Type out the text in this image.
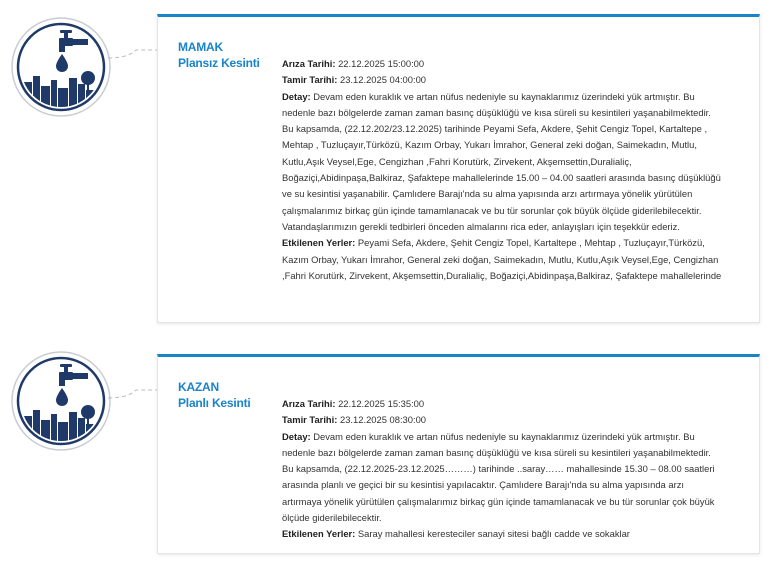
MAMAK
Plansız Kesinti	Arıza Tarihi: 22.12.2025 15:00:00
Tamir Tarihi: 23.12.2025 04:00:00
Detay: Devam eden kuraklık ve artan nüfus nedeniyle su kaynaklarımız üzerindeki yük artmıştır. Bu nedenle bazı bölgelerde zaman zaman basınç düşüklüğü ve kısa süreli su kesintileri yaşanabilmektedir. Bu kapsamda, (22.12.202/23.12.2025) tarihinde Peyami Sefa, Akdere, Şehit Cengiz Topel, Kartaltepe , Mehtap , Tuzluçayır,Türközü, Kazım Orbay, Yukarı İmrahor, General zeki doğan, Saimekadın, Mutlu, Kutlu,Aşık Veysel,Ege, Cengizhan ,Fahri Korutürk, Zirvekent, Akşemsettin,Duralialiç, Boğaziçi,Abidinpaşa,Balkiraz, Şafaktepe mahallelerinde 15.00 – 04.00 saatleri arasında basınç düşüklüğü ve su kesintisi yaşanabilir. Çamlıdere Barajı'nda su alma yapısında arzı artırmaya yönelik yürütülen çalışmalarımız birkaç gün içinde tamamlanacak ve bu tür sorunlar çok büyük ölçüde giderilebilecektir. Vatandaşlarımızın gerekli tedbirleri önceden almalarını rica eder, anlayışları için teşekkür ederiz.
Etkilenen Yerler: Peyami Sefa, Akdere, Şehit Cengiz Topel, Kartaltepe , Mehtap , Tuzluçayır,Türközü, Kazım Orbay, Yukarı İmrahor, General zeki doğan, Saimekadın, Mutlu, Kutlu,Aşık Veysel,Ege, Cengizhan ,Fahri Korutürk, Zirvekent, Akşemsettin,Duralialiç, Boğaziçi,Abidinpaşa,Balkiraz, Şafaktepe mahallelerinde
KAZAN
Planlı Kesinti	Arıza Tarihi: 22.12.2025 15:35:00
Tamir Tarihi: 23.12.2025 08:30:00
Detay: Devam eden kuraklık ve artan nüfus nedeniyle su kaynaklarımız üzerindeki yük artmıştır. Bu nedenle bazı bölgelerde zaman zaman basınç düşüklüğü ve kısa süreli su kesintileri yaşanabilmektedir. Bu kapsamda, (22.12.2025-23.12.2025………) tarihinde ..saray…… mahallesinde 15.30 – 08.00 saatleri arasında planlı ve geçici bir su kesintisi yapılacaktır. Çamlıdere Barajı'nda su alma yapısında arzı artırmaya yönelik yürütülen çalışmalarımız birkaç gün içinde tamamlanacak ve bu tür sorunlar çok büyük ölçüde giderilebilecektir.
Etkilenen Yerler: Saray mahallesi keresteciler sanayi sitesi bağlı cadde ve sokaklar
